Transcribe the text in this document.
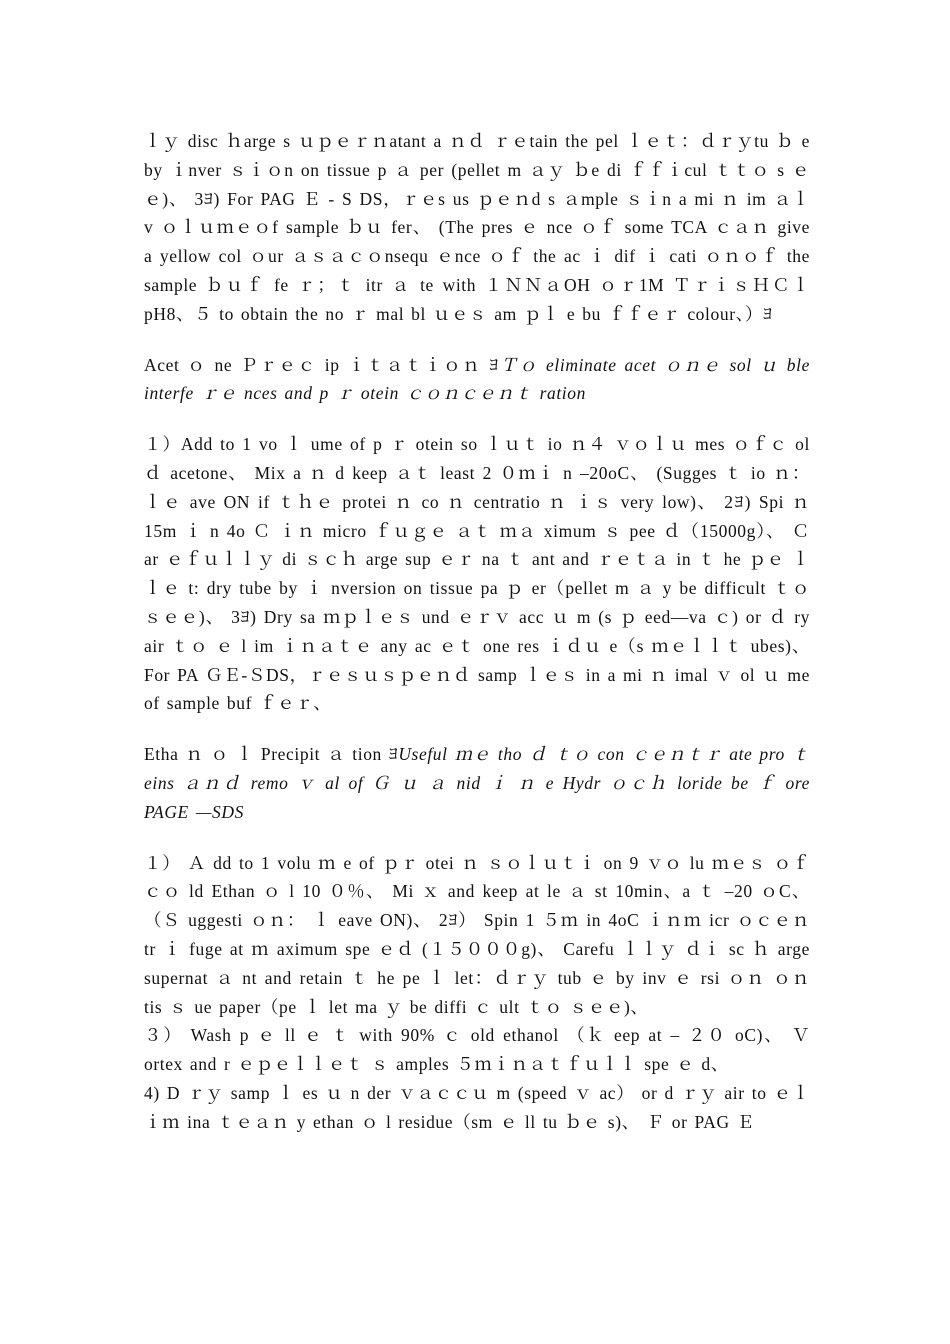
ｌｙ disc ｈarge s ｕｐｅｒｎatant a ｎｄ ｒｅtain the pel ｌｅｔ：ｄｒｙtu ｂ e by ｉnver ｓｉｏn on tissue p ａ per (pellet m ａｙ ｂe di ｆｆｉcul ｔｔｏ s ｅｅ)、 3ﾖ) For PAG Ｅ - S DS，ｒｅs us ｐｅｎd s ａmple ｓｉn a mi ｎ im ａｌ v ｏｌｕｍｅｏf sample ｂｕ fer、 (The pres ｅ nce ｏｆ some TCA ｃａｎ give a yellow col ｏur ａｓａｃｏnsequ ｅnce ｏｆ the ac ｉ dif ｉ cati ｏｎｏｆ the sample ｂｕｆ fe ｒ；ｔ itr ａ te with １ＮＮａOH ｏｒ1M ＴｒｉｓＨＣｌpH8、５ to obtain the no ｒ mal bl ｕｅｓ am ｐｌ e bu ｆｆｅｒ colour、）ﾖ

Acet ｏ ne Ｐｒｅｃ ip ｉｔａｔｉｏｎ ﾖＴｏ eliminate acet ｏｎｅ sol ｕ ble interfe ｒｅ nces and p ｒ otein ｃｏｎｃｅｎｔ ration

１）Add to 1 vo ｌ ume of p ｒ otein so ｌｕｔ io ｎ４ ｖｏｌｕ mes ｏｆｃ ol ｄ acetone、 Mix a ｎ d keep ａｔ least 2 ０ｍｉ n –20oC、 (Sugges ｔ io ｎ：ｌｅ ave ON if ｔｈｅ protei ｎ co ｎ centratio ｎ ｉｓ very low)、 2ﾖ) Spi ｎ 15m ｉ n 4o Ｃ ｉｎ micro ｆｕｇｅ ａｔ ｍａ ximum ｓ pee ｄ（15000g）、 Ｃ ar ｅｆｕｌｌｙ di ｓｃｈ arge sup ｅｒ na ｔ ant and ｒｅｔａ in ｔ he ｐｅ ｌｌｅ t: dry tube by ｉ nversion on tissue pa ｐ er（pellet m ａ y be difficult ｔｏ ｓｅｅ)、 3ﾖ) Dry sa ｍｐｌｅｓ und ｅｒｖ acc ｕ m (s ｐ eed—va ｃ) or ｄ ry air ｔｏ ｅ l im ｉｎａｔｅ any ac ｅｔ one res ｉｄｕ e（s ｍｅｌｌｔ ubes)、 For PA ＧＥ-ＳDS，ｒｅｓｕｓｐｅｎｄ samp ｌｅｓ in a mi ｎ imal ｖ ol ｕ me of sample buf ｆｅｒ、

Etha ｎ ｏ ｌ Precipit ａ tion ﾖUseful ｍｅ tho ｄ ｔｏ con ｃｅｎｔｒ ate pro ｔ eins ａｎｄ remo ｖ al of Ｇ ｕ ａ nid ｉ ｎ e Hydr ｏｃｈ loride be ｆ ore PAGE —SDS

１） Ａ dd to 1 volu ｍ e of ｐｒ otei ｎ ｓｏｌｕｔｉ on 9 ｖｏ lu ｍｅｓ ｏｆ ｃｏ ld Ethan ｏ l 10 ０％、 Mi ｘ and keep at le ａ st 10min、a ｔ –20 ｏC、（Ｓ uggesti ｏｎ： ｌ eave ON)、 2ﾖ） Spin 1 ５ｍ in 4oC ｉｎｍ icr ｏｃｅｎ tr ｉ fuge at ｍ aximum spe ｅｄ (１５０００g)、 Carefu ｌｌｙ ｄｉ sc ｈ arge supernat ａ nt and retain ｔ he pe ｌ let：ｄｒｙ tub ｅ by inv ｅ rsi ｏｎ ｏｎ tis ｓ ue paper（pe ｌ let ma ｙ be diffi ｃ ult ｔｏ ｓｅｅ)、

３） Wash p ｅ ll ｅ ｔ with 90% ｃ old ethanol （ｋ eep at – ２０ oC)、 Ｖ ortex and r ｅｐｅｌｌｅｔ ｓ amples ５ｍｉｎａｔｆｕｌｌ spe ｅ d、

4) D ｒｙ samp ｌ es ｕ n der ｖａｃｃｕ m (speed ｖ ac） or d ｒｙ air to ｅｌｉｍ ina ｔｅａｎ y ethan ｏ l residue（sm ｅ ll tu ｂｅ s)、 Ｆ or PAG Ｅ
